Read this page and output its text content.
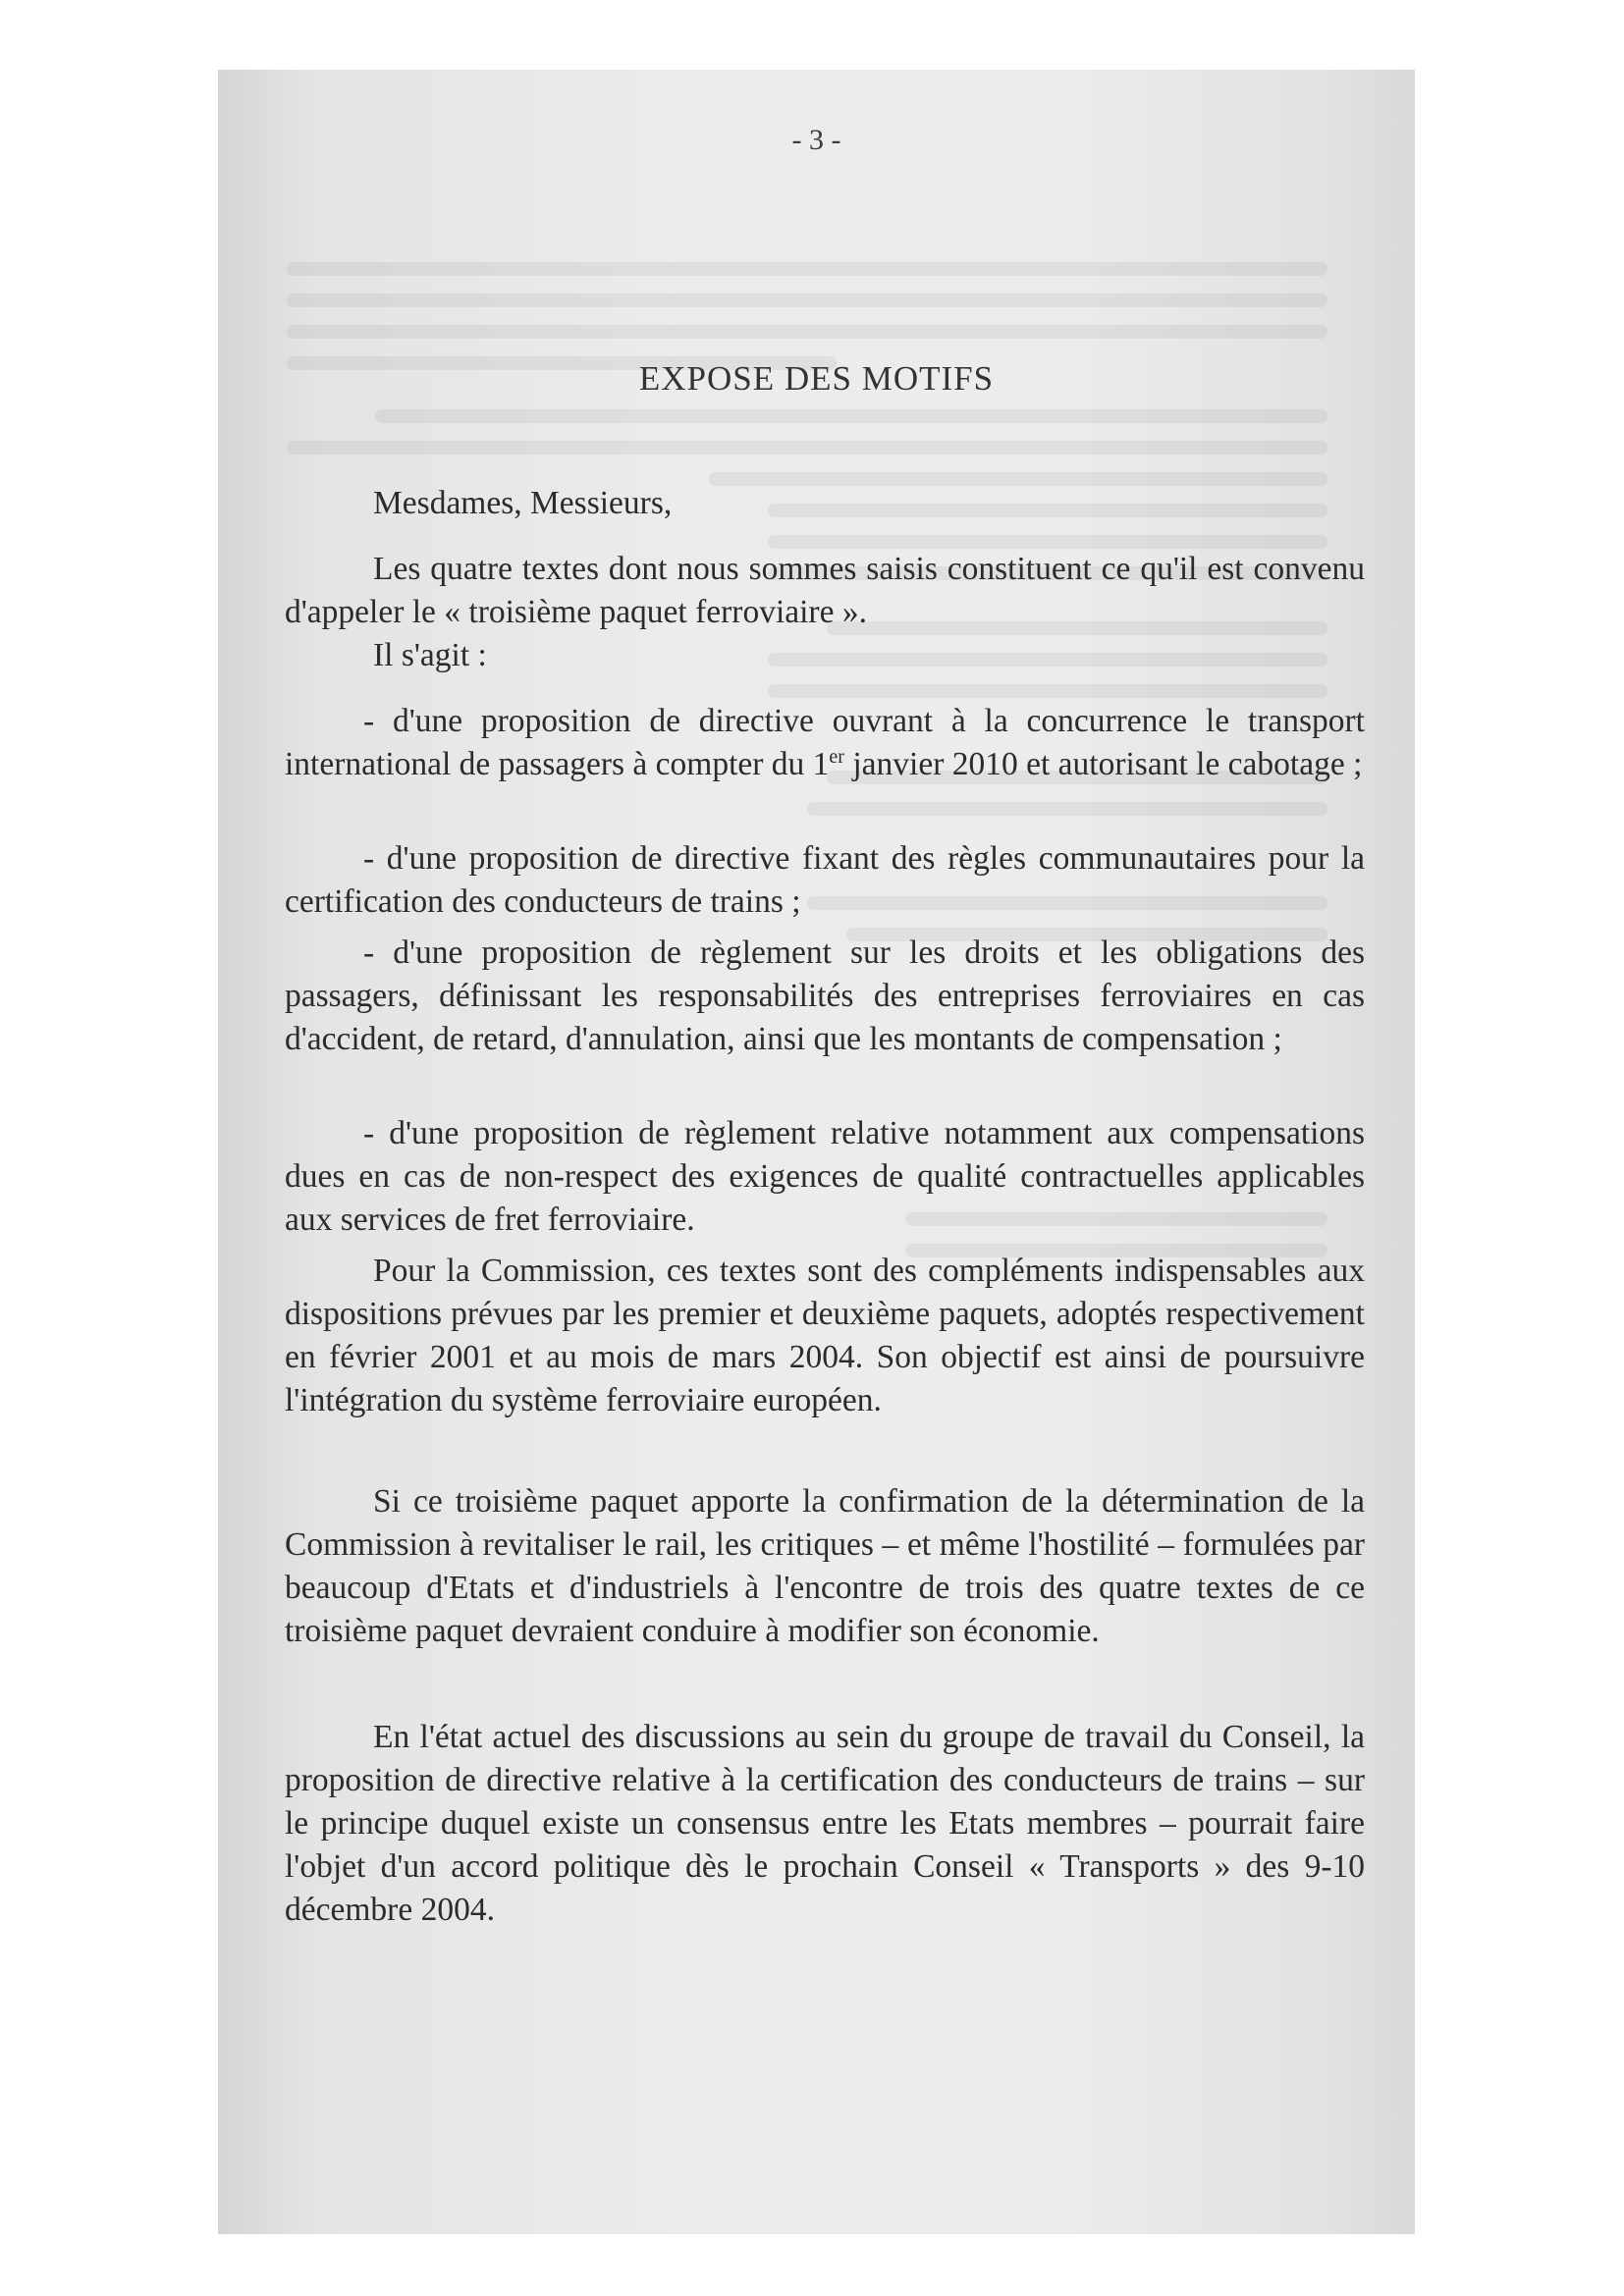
- 3 -
EXPOSE DES MOTIFS

Mesdames, Messieurs,

Les quatre textes dont nous sommes saisis constituent ce qu'il est convenu d'appeler le « troisième paquet ferroviaire ».

Il s'agit :

- d'une proposition de directive ouvrant à la concurrence le transport international de passagers à compter du 1er janvier 2010 et autorisant le cabotage ;

- d'une proposition de directive fixant des règles communautaires pour la certification des conducteurs de trains ;

- d'une proposition de règlement sur les droits et les obligations des passagers, définissant les responsabilités des entreprises ferroviaires en cas d'accident, de retard, d'annulation, ainsi que les montants de compensation ;

- d'une proposition de règlement relative notamment aux compensations dues en cas de non-respect des exigences de qualité contractuelles applicables aux services de fret ferroviaire.

Pour la Commission, ces textes sont des compléments indispensables aux dispositions prévues par les premier et deuxième paquets, adoptés respectivement en février 2001 et au mois de mars 2004. Son objectif est ainsi de poursuivre l'intégration du système ferroviaire européen.

Si ce troisième paquet apporte la confirmation de la détermination de la Commission à revitaliser le rail, les critiques – et même l'hostilité – formulées par beaucoup d'Etats et d'industriels à l'encontre de trois des quatre textes de ce troisième paquet devraient conduire à modifier son économie.

En l'état actuel des discussions au sein du groupe de travail du Conseil, la proposition de directive relative à la certification des conducteurs de trains – sur le principe duquel existe un consensus entre les Etats membres – pourrait faire l'objet d'un accord politique dès le prochain Conseil « Transports » des 9-10 décembre 2004.
